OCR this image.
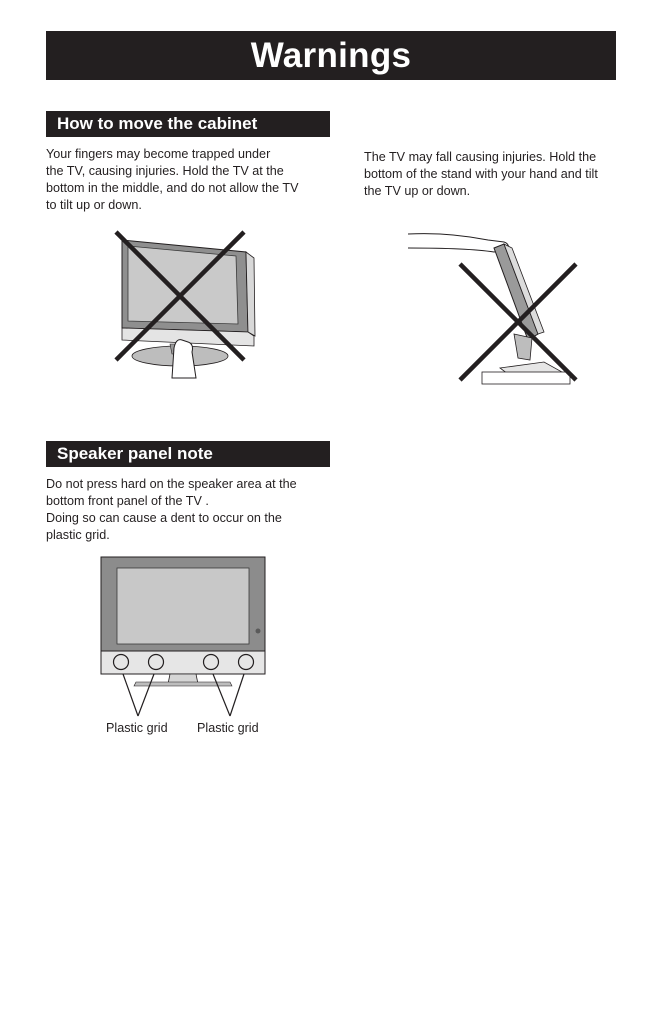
Warnings
How to move the cabinet
Your fingers may become trapped under
the TV, causing injuries. Hold the TV at the
bottom in the middle, and do not allow the TV
to tilt up or down.
The TV may fall causing injuries. Hold the
bottom of the stand with your hand and tilt
the TV up or down.
Speaker panel note
Do not press hard on the speaker area at the
bottom front panel of the TV .
Doing so can cause a dent to occur on the
plastic grid.
Plastic grid Plastic grid
